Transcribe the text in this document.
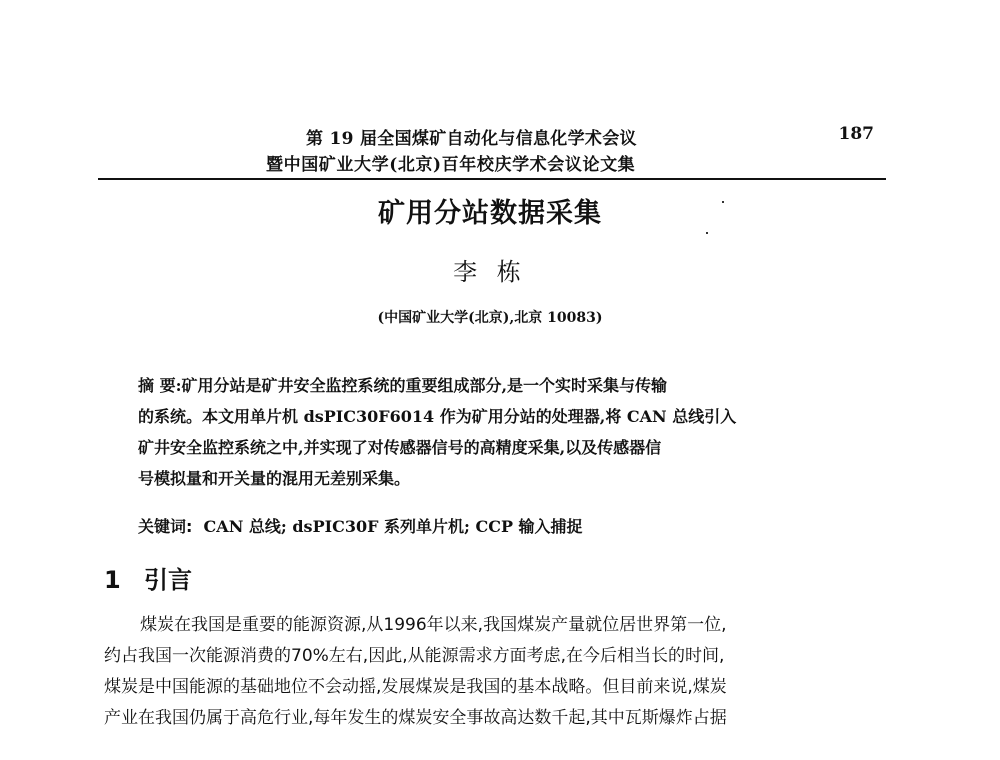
第 19 届全国煤矿自动化与信息化学术会议
暨中国矿业大学(北京)百年校庆学术会议论文集
187
矿用分站数据采集
李 栋
(中国矿业大学(北京),北京 10083)
摘 要:矿用分站是矿井安全监控系统的重要组成部分,是一个实时采集与传输
的系统。本文用单片机 dsPIC30F6014 作为矿用分站的处理器,将 CAN 总线引入
矿井安全监控系统之中,并实现了对传感器信号的高精度采集,以及传感器信
号模拟量和开关量的混用无差别采集。
关键词: CAN 总线; dsPIC30F 系列单片机; CCP 输入捕捉
1 引言
煤炭在我国是重要的能源资源,从1996年以来,我国煤炭产量就位居世界第一位,
约占我国一次能源消费的70%左右,因此,从能源需求方面考虑,在今后相当长的时间,
煤炭是中国能源的基础地位不会动摇,发展煤炭是我国的基本战略。但目前来说,煤炭
产业在我国仍属于高危行业,每年发生的煤炭安全事故高达数千起,其中瓦斯爆炸占据
